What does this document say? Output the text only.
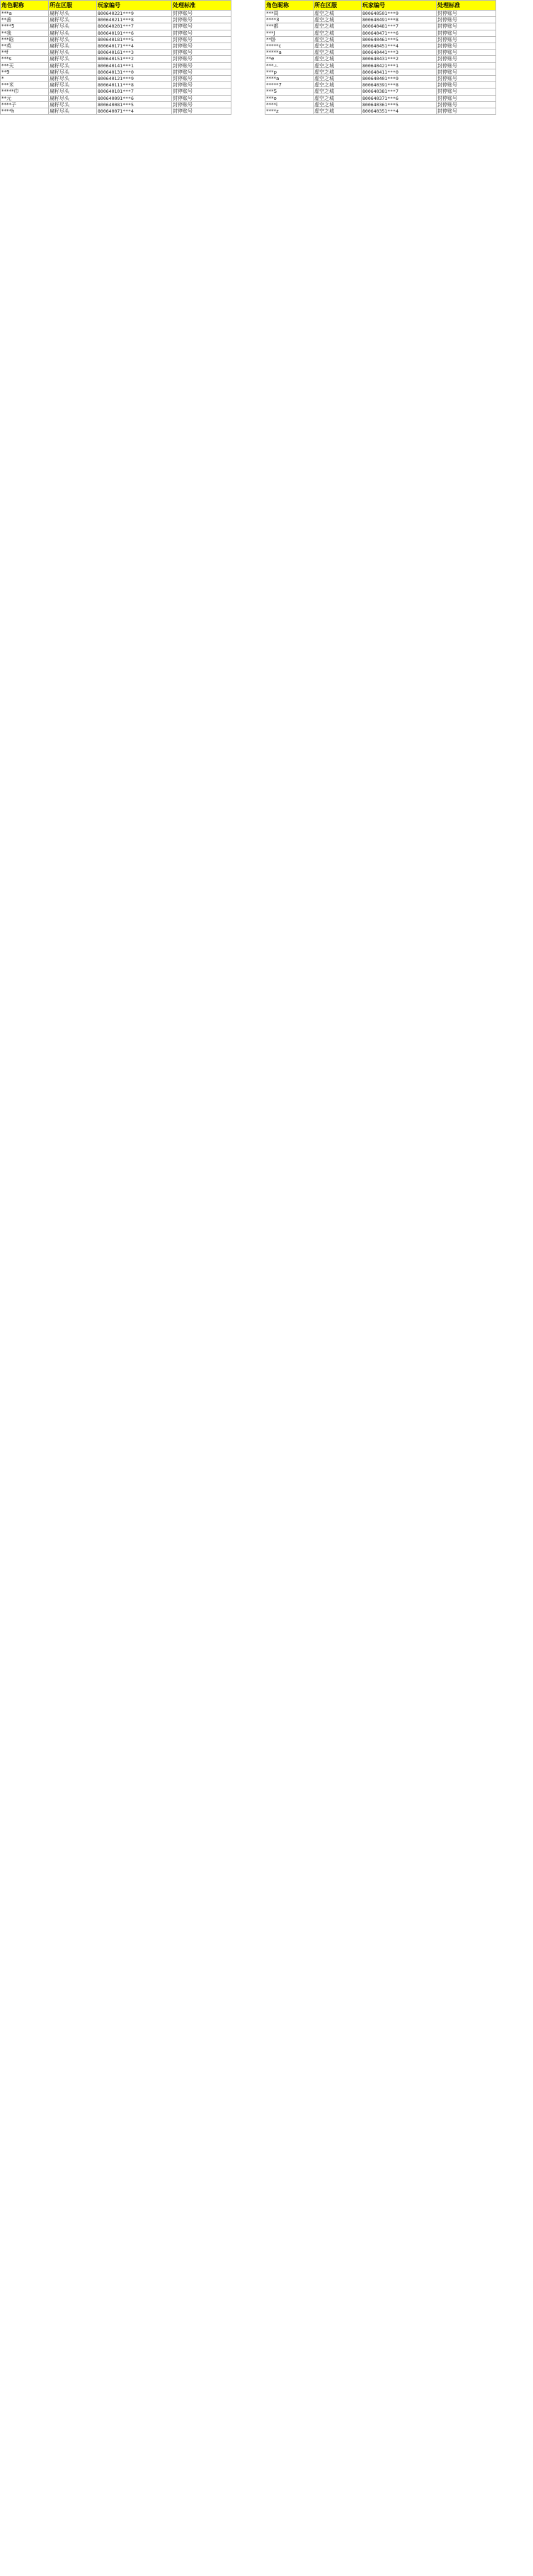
角色昵称	所在区服	玩家编号	处理标准
***a	扁籽尽头	800640221***9	封停账号
**善	扁籽尽头	800640211***8	封停账号
****5	扁籽尽头	800640201***7	封停账号
**我	扁籽尽头	800640191***6	封停账号
***晗	扁籽尽头	800640181***5	封停账号
**英	扁籽尽头	800640171***4	封停账号
**f	扁籽尽头	800640161***3	封停账号
***s	扁籽尽头	800640151***2	封停账号
***天	扁籽尽头	800640141***1	封停账号
**9	扁籽尽头	800640131***0	封停账号
*	扁籽尽头	800640121***9	封停账号
***米	扁籽尽头	800640111***8	封停账号
*****巾	扁籽尽头	800640101***7	封停账号
**元	扁籽尽头	800640091***6	封停账号
****子	扁籽尽头	800640081***5	封停账号
****h	扁籽尽头	800640071***4	封停账号
角色昵称	所在区服	玩家编号	处理标准
***周	虚空之城	800640501***9	封停账号
****3	虚空之城	800640491***8	封停账号
***都	虚空之城	800640481***7	封停账号
***J	虚空之城	800640471***6	封停账号
**卧	虚空之城	800640461***5	封停账号
*****c	虚空之城	800640451***4	封停账号
*****a	虚空之城	800640441***3	封停账号
**e	虚空之城	800640431***2	封停账号
***ㅗ	虚空之城	800640421***1	封停账号
***p	虚空之城	800640411***0	封停账号
****a	虚空之城	800640401***9	封停账号
*****7	虚空之城	800640391***8	封停账号
***S	虚空之城	800640381***7	封停账号
***o	虚空之城	800640371***6	封停账号
****i	虚空之城	800640361***5	封停账号
****z	虚空之城	800640351***4	封停账号
